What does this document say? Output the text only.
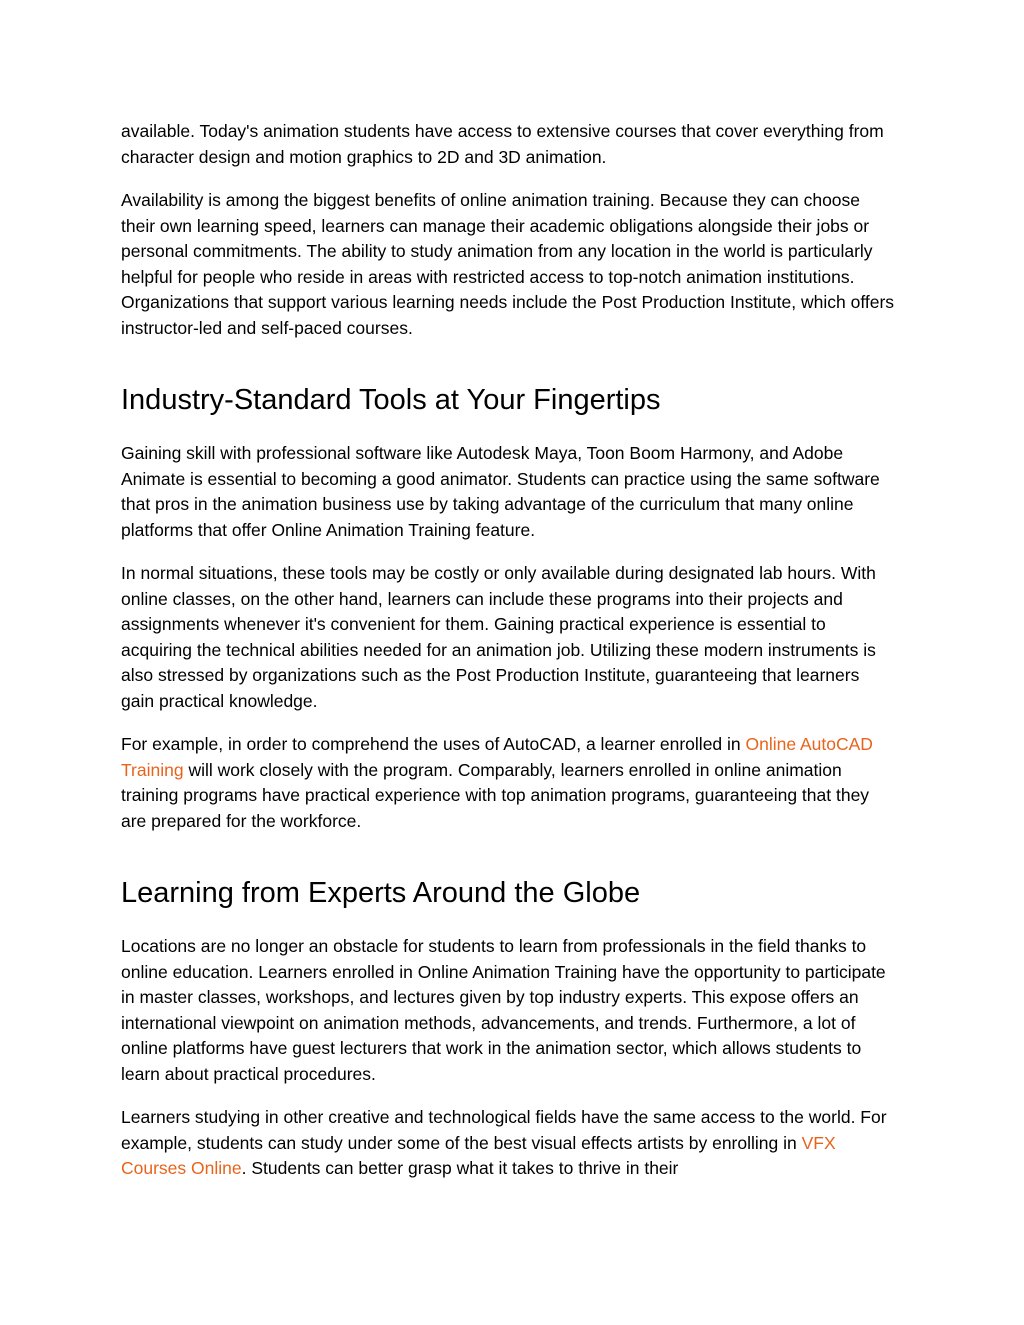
available. Today's animation students have access to extensive courses that cover everything from character design and motion graphics to 2D and 3D animation.

Availability is among the biggest benefits of online animation training. Because they can choose their own learning speed, learners can manage their academic obligations alongside their jobs or personal commitments. The ability to study animation from any location in the world is particularly helpful for people who reside in areas with restricted access to top-notch animation institutions. Organizations that support various learning needs include the Post Production Institute, which offers instructor-led and self-paced courses.

Industry-Standard Tools at Your Fingertips

Gaining skill with professional software like Autodesk Maya, Toon Boom Harmony, and Adobe Animate is essential to becoming a good animator. Students can practice using the same software that pros in the animation business use by taking advantage of the curriculum that many online platforms that offer Online Animation Training feature.

In normal situations, these tools may be costly or only available during designated lab hours. With online classes, on the other hand, learners can include these programs into their projects and assignments whenever it's convenient for them. Gaining practical experience is essential to acquiring the technical abilities needed for an animation job. Utilizing these modern instruments is also stressed by organizations such as the Post Production Institute, guaranteeing that learners gain practical knowledge.

For example, in order to comprehend the uses of AutoCAD, a learner enrolled in Online AutoCAD Training will work closely with the program. Comparably, learners enrolled in online animation training programs have practical experience with top animation programs, guaranteeing that they are prepared for the workforce.

Learning from Experts Around the Globe

Locations are no longer an obstacle for students to learn from professionals in the field thanks to online education. Learners enrolled in Online Animation Training have the opportunity to participate in master classes, workshops, and lectures given by top industry experts. This expose offers an international viewpoint on animation methods, advancements, and trends. Furthermore, a lot of online platforms have guest lecturers that work in the animation sector, which allows students to learn about practical procedures.

Learners studying in other creative and technological fields have the same access to the world. For example, students can study under some of the best visual effects artists by enrolling in VFX Courses Online. Students can better grasp what it takes to thrive in their
